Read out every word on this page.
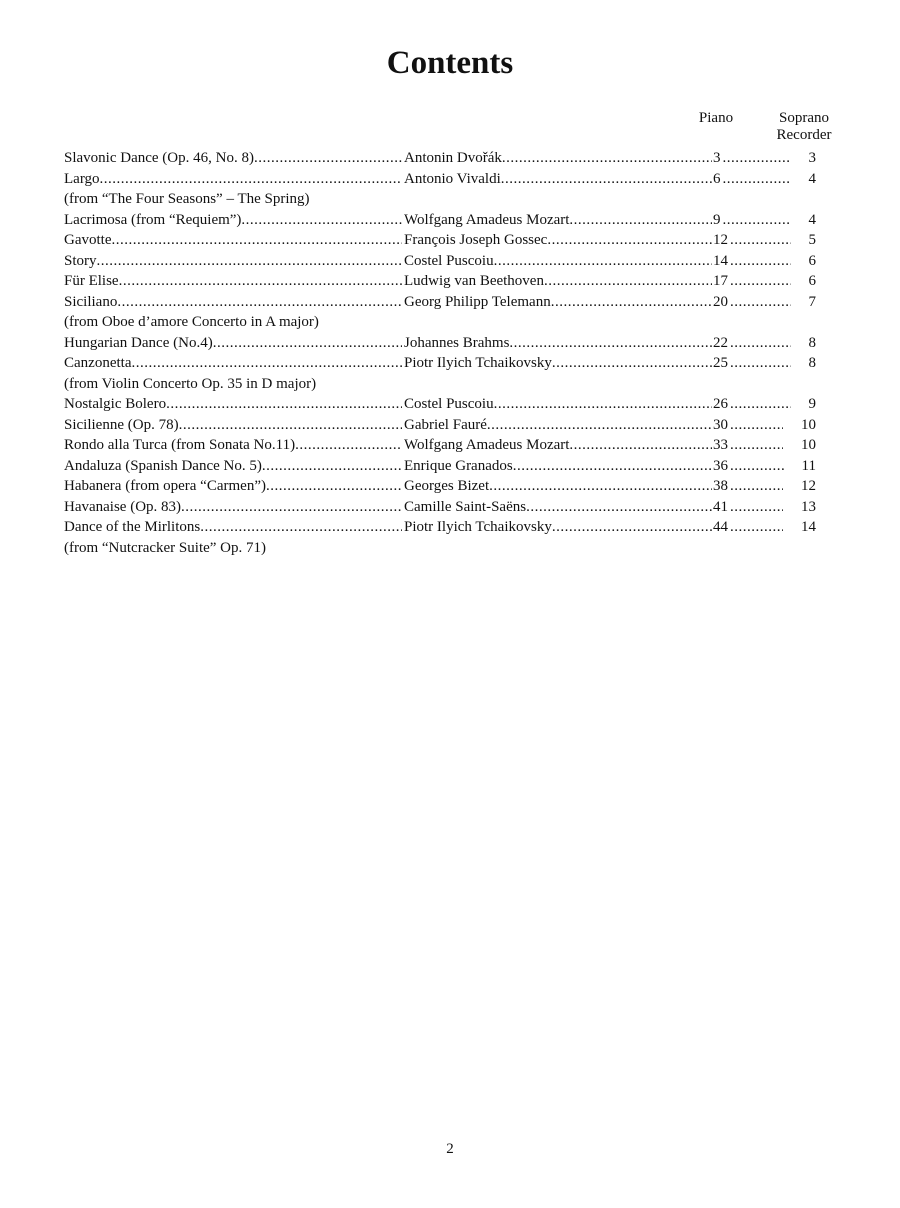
Contents
Piano	Soprano
Recorder
Slavonic Dance (Op. 46, No. 8) .....	Antonin Dvořák .....	3 .....	3
Largo .....	Antonio Vivaldi .....	6 .....	4
(from “The Four Seasons” – The Spring)
Lacrimosa (from “Requiem”) .....	Wolfgang Amadeus Mozart .....	9 .....	4
Gavotte .....	François Joseph Gossec .....	12 .....	5
Story .....	Costel Puscoiu .....	14 .....	6
Für Elise .....	Ludwig van Beethoven .....	17 .....	6
Siciliano .....	Georg Philipp Telemann .....	20 .....	7
(from Oboe d’amore Concerto in A major)
Hungarian Dance (No.4) .....	Johannes Brahms .....	22 .....	8
Canzonetta .....	Piotr Ilyich Tchaikovsky .....	25 .....	8
(from Violin Concerto Op. 35 in D major)
Nostalgic Bolero .....	Costel Puscoiu .....	26 .....	9
Sicilienne (Op. 78) .....	Gabriel Fauré .....	30 .....	10
Rondo alla Turca (from Sonata No.11) .....	Wolfgang Amadeus Mozart .....	33 .....	10
Andaluza (Spanish Dance No. 5) .....	Enrique Granados .....	36 .....	11
Habanera (from opera “Carmen”) .....	Georges Bizet .....	38 .....	12
Havanaise (Op. 83) .....	Camille Saint-Saëns .....	41 .....	13
Dance of the Mirlitons .....	Piotr Ilyich Tchaikovsky .....	44 .....	14
(from “Nutcracker Suite” Op. 71)
2
